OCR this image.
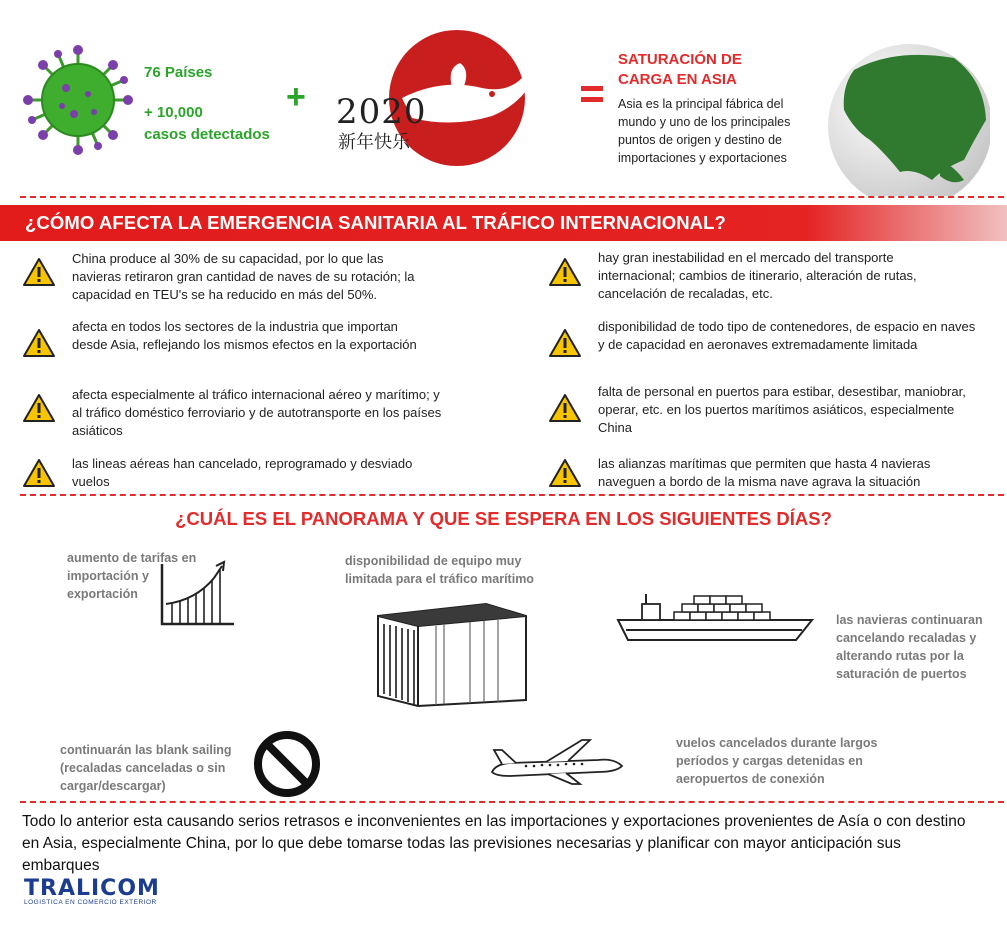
76 Países
+ 10,000
casos detectados
+ 2020
新年快乐
SATURACIÓN DE
CARGA EN ASIA
Asia es la principal fábrica del mundo y uno de los principales puntos de origen y destino de importaciones y exportaciones
¿CÓMO AFECTA LA EMERGENCIA SANITARIA AL TRÁFICO INTERNACIONAL?
China produce al 30% de su capacidad, por lo que las navieras retiraron gran cantidad de naves de su rotación; la capacidad en TEU's se ha reducido en más del 50%.
afecta en todos los sectores de la industria que importan desde Asia, reflejando los mismos efectos en la exportación
afecta especialmente al tráfico internacional aéreo y marítimo; y al tráfico doméstico ferroviario y de autotransporte en los países asiáticos
las lineas aéreas han cancelado, reprogramado y desviado vuelos
hay gran inestabilidad en el mercado del transporte internacional; cambios de itinerario, alteración de rutas, cancelación de recaladas, etc.
disponibilidad de todo tipo de contenedores, de espacio en naves y de capacidad en aeronaves extremadamente limitada
falta de personal en puertos para estibar, desestibar, maniobrar, operar, etc. en los puertos marítimos asiáticos, especialmente China
las alianzas marítimas que permiten que hasta 4 navieras naveguen a bordo de la misma nave agrava la situación
¿CUÁL ES EL PANORAMA Y QUE SE ESPERA EN LOS SIGUIENTES DÍAS?
aumento de tarifas en importación y exportación
disponibilidad de equipo muy limitada para el tráfico marítimo
las navieras continuaran cancelando recaladas y alterando rutas por la saturación de puertos
continuarán las blank sailing (recaladas canceladas o sin cargar/descargar)
vuelos cancelados durante largos períodos y cargas detenidas en aeropuertos de conexión
Todo lo anterior esta causando serios retrasos e inconvenientes en las importaciones y exportaciones provenientes de Asía o con destino en Asia, especialmente China, por lo que debe tomarse todas las previsiones necesarias y planificar con mayor anticipación sus embarques
TRALICOM
LOGISTICA EN COMERCIO EXTERIOR
